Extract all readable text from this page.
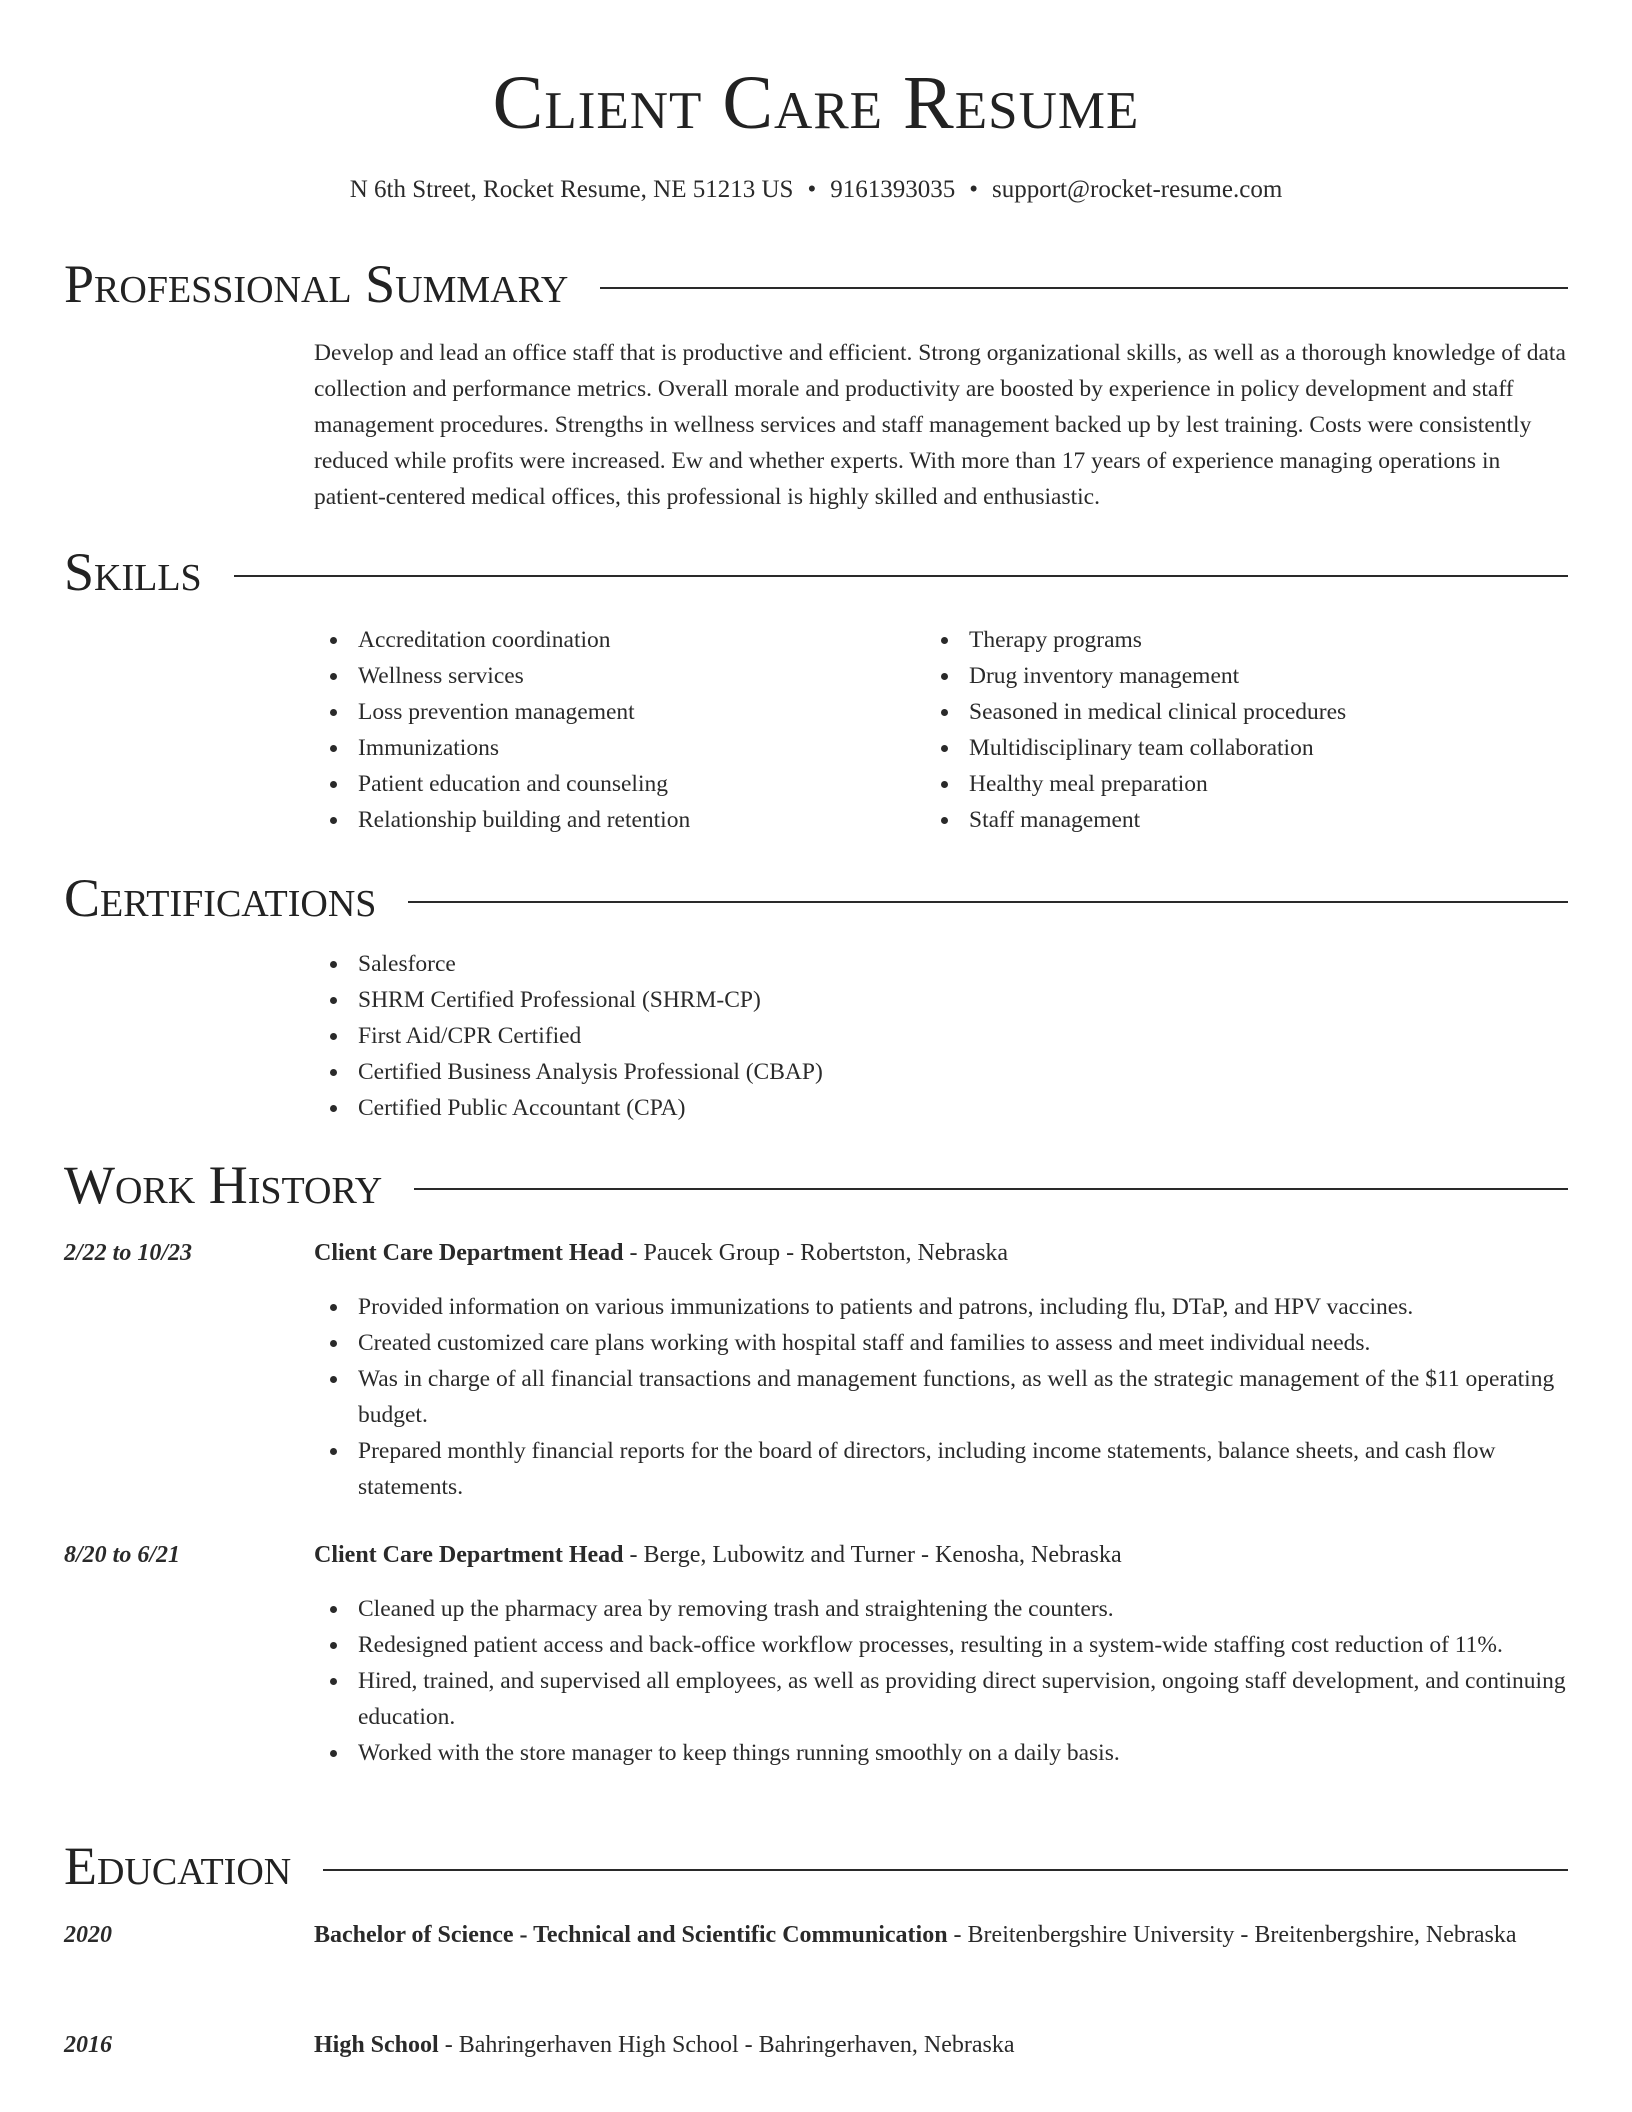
Client Care Resume
N 6th Street, Rocket Resume, NE 51213 US • 9161393035 • support@rocket-resume.com
Professional Summary
Develop and lead an office staff that is productive and efficient. Strong organizational skills, as well as a thorough knowledge of data collection and performance metrics. Overall morale and productivity are boosted by experience in policy development and staff management procedures. Strengths in wellness services and staff management backed up by lest training. Costs were consistently reduced while profits were increased. Ew and whether experts. With more than 17 years of experience managing operations in patient-centered medical offices, this professional is highly skilled and enthusiastic.
Skills
Accreditation coordination
Wellness services
Loss prevention management
Immunizations
Patient education and counseling
Relationship building and retention
Therapy programs
Drug inventory management
Seasoned in medical clinical procedures
Multidisciplinary team collaboration
Healthy meal preparation
Staff management
Certifications
Salesforce
SHRM Certified Professional (SHRM-CP)
First Aid/CPR Certified
Certified Business Analysis Professional (CBAP)
Certified Public Accountant (CPA)
Work History
2/22 to 10/23	Client Care Department Head - Paucek Group - Robertston, Nebraska
Provided information on various immunizations to patients and patrons, including flu, DTaP, and HPV vaccines.
Created customized care plans working with hospital staff and families to assess and meet individual needs.
Was in charge of all financial transactions and management functions, as well as the strategic management of the $11 operating budget.
Prepared monthly financial reports for the board of directors, including income statements, balance sheets, and cash flow statements.
8/20 to 6/21	Client Care Department Head - Berge, Lubowitz and Turner - Kenosha, Nebraska
Cleaned up the pharmacy area by removing trash and straightening the counters.
Redesigned patient access and back-office workflow processes, resulting in a system-wide staffing cost reduction of 11%.
Hired, trained, and supervised all employees, as well as providing direct supervision, ongoing staff development, and continuing education.
Worked with the store manager to keep things running smoothly on a daily basis.
Education
2020	Bachelor of Science - Technical and Scientific Communication - Breitenbergshire University - Breitenbergshire, Nebraska
2016	High School - Bahringerhaven High School - Bahringerhaven, Nebraska
